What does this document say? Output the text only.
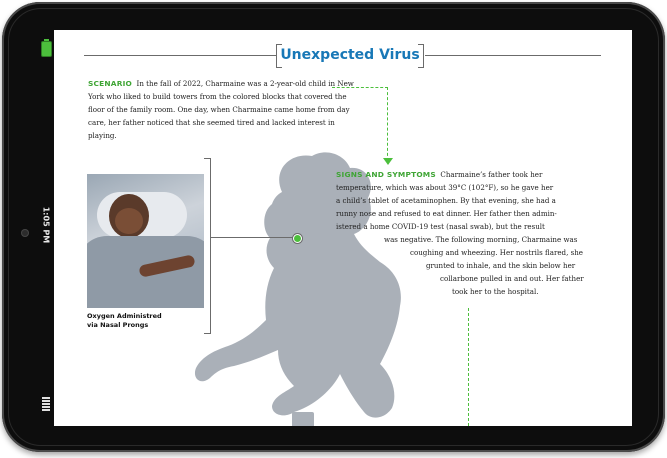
1:05 PM
Unexpected Virus
SCENARIO In the fall of 2022, Charmaine was a 2-year-old child in New York who liked to build towers from the colored blocks that covered the floor of the family room. One day, when Charmaine came home from day care, her father noticed that she seemed tired and lacked interest in playing.
SIGNS AND SYMPTOMS Charmaine’s father took her
temperature, which was about 39°C (102°F), so he gave her
a child’s tablet of acetaminophen. By that evening, she had a
runny nose and refused to eat dinner. Her father then admin-
istered a home COVID-19 test (nasal swab), but the result
was negative. The following morning, Charmaine was
coughing and wheezing. Her nostrils flared, she
grunted to inhale, and the skin below her
collarbone pulled in and out. Her father
took her to the hospital.
Oxygen Administred
via Nasal Prongs
